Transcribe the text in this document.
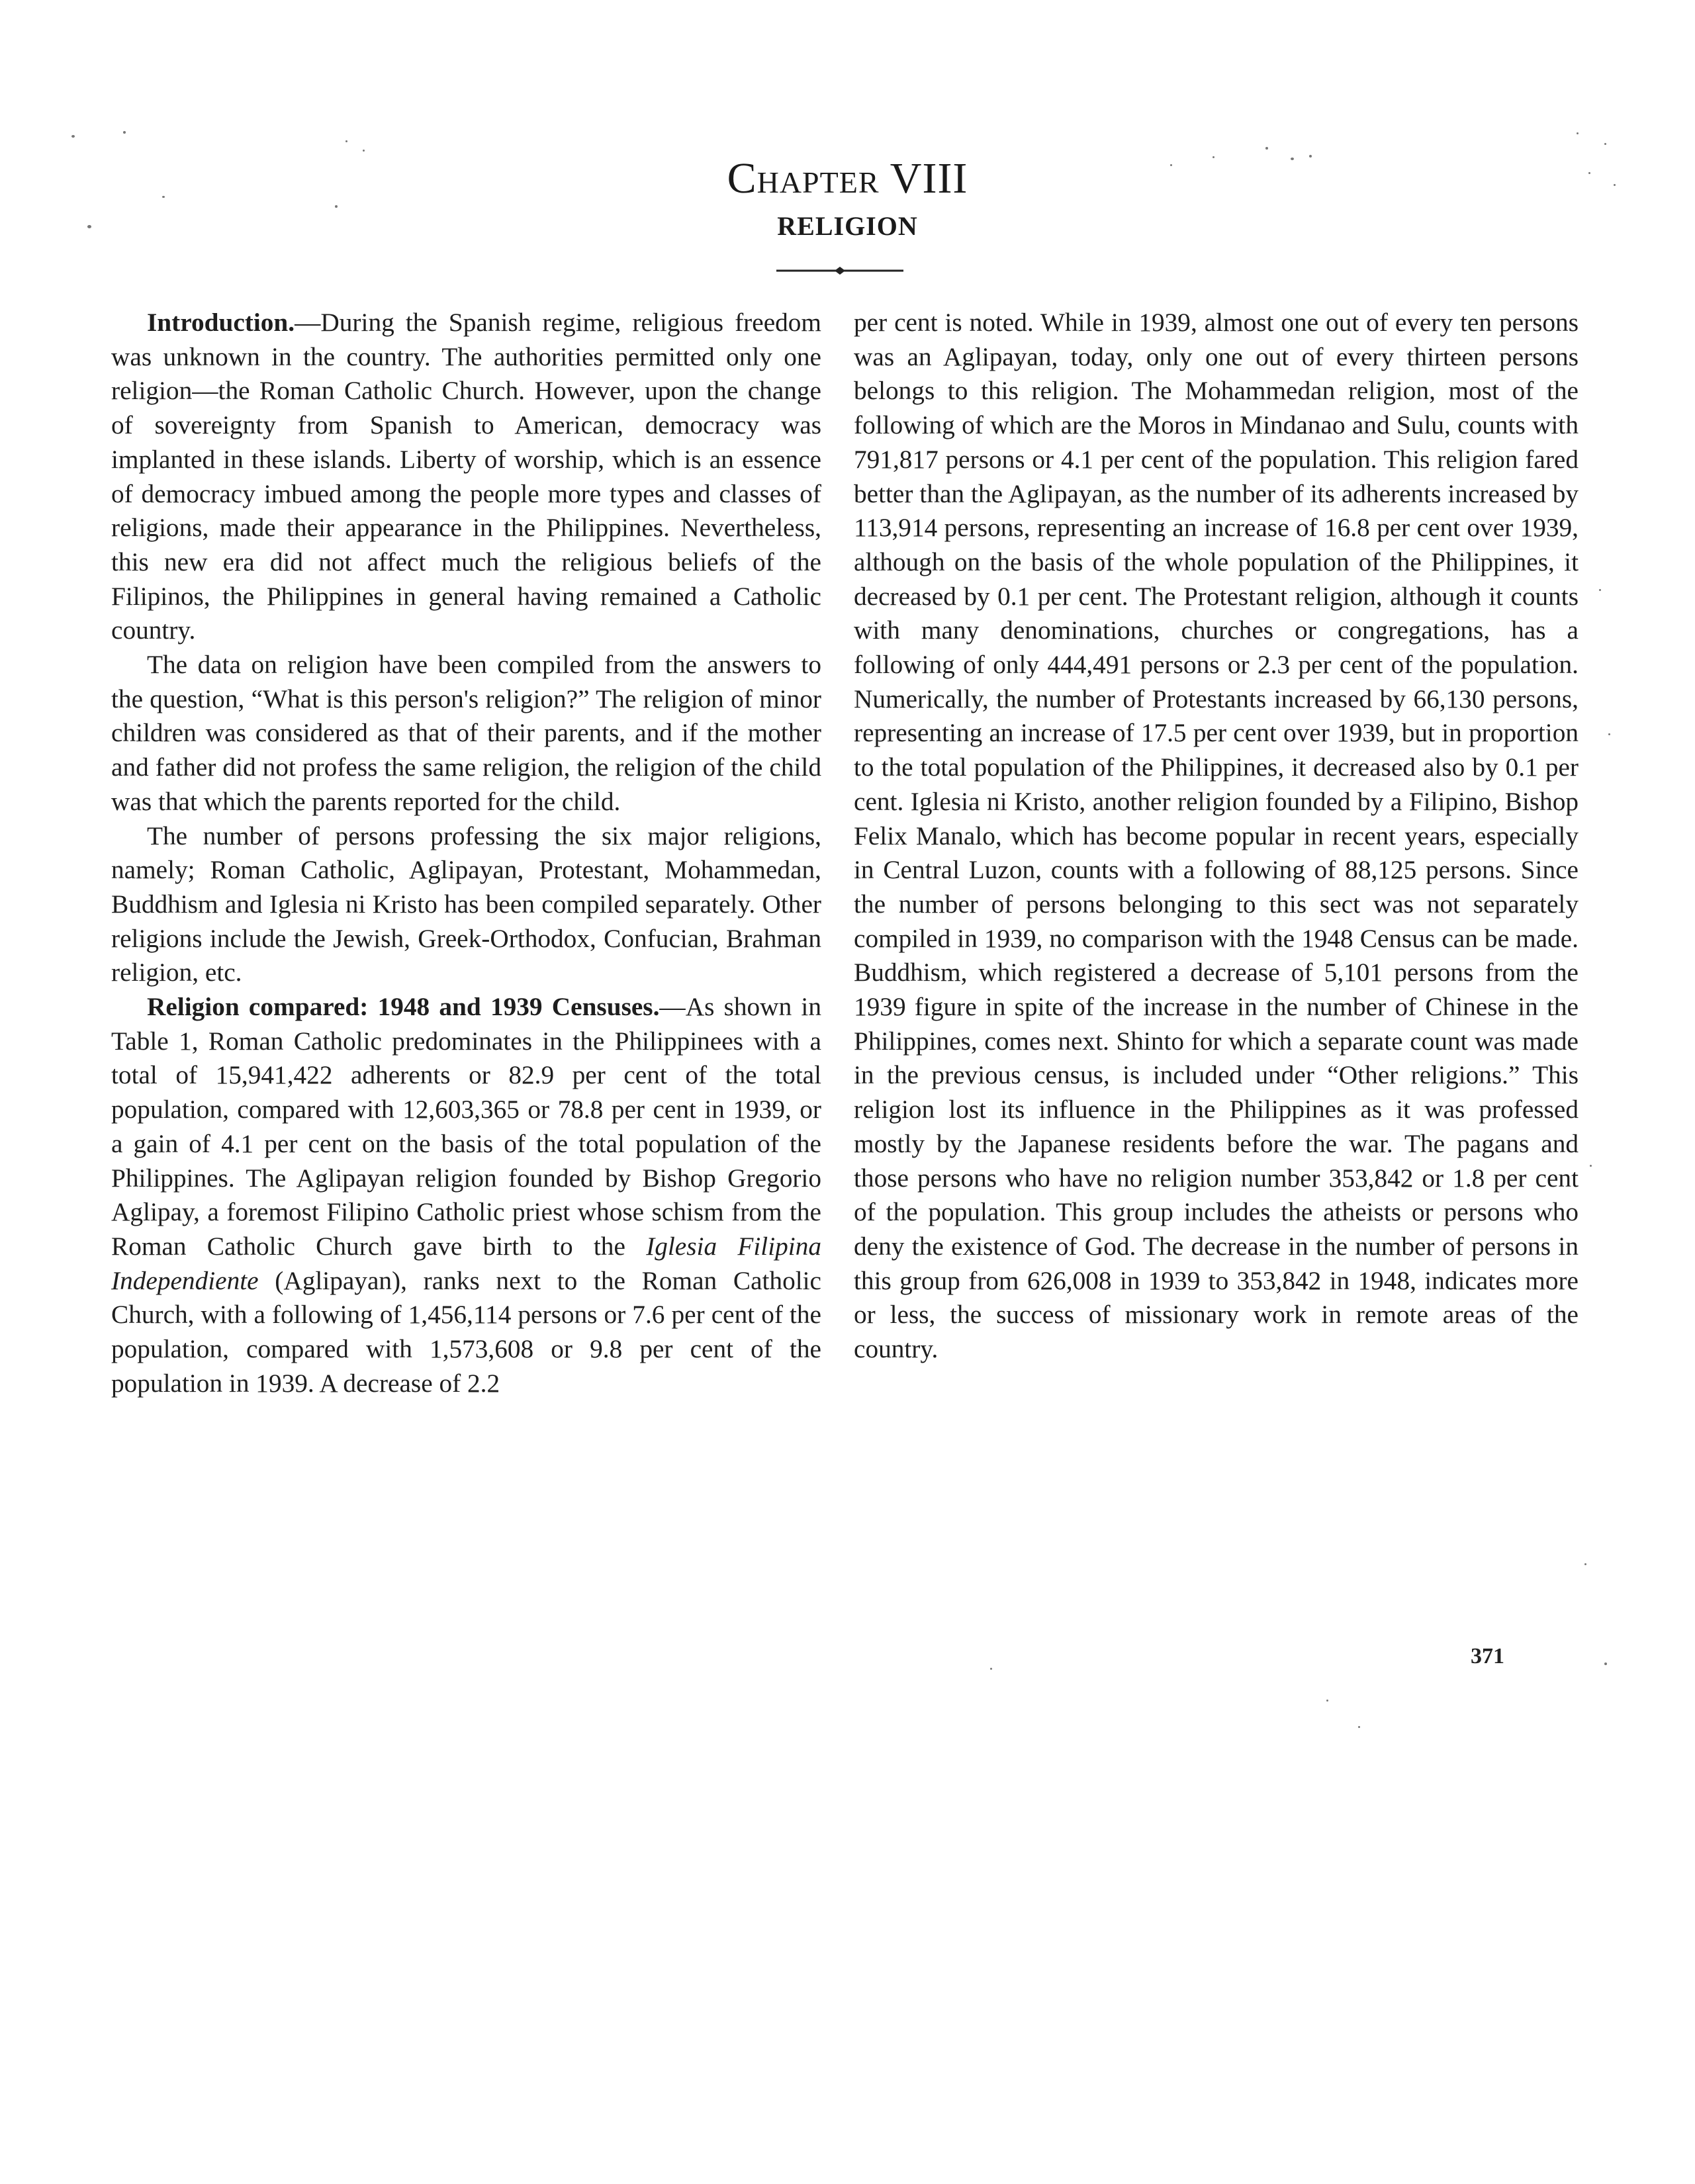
Chapter VIII
RELIGION

Introduction.—During the Spanish regime, religious freedom was unknown in the country. The authorities permitted only one religion—the Roman Catholic Church. However, upon the change of sovereignty from Spanish to American, democracy was implanted in these islands. Liberty of worship, which is an essence of democracy imbued among the people more types and classes of religions, made their appearance in the Philippines. Nevertheless, this new era did not affect much the religious beliefs of the Filipinos, the Philippines in general having remained a Catholic country.

The data on religion have been compiled from the answers to the question, “What is this person's religion?” The religion of minor children was considered as that of their parents, and if the mother and father did not profess the same religion, the religion of the child was that which the parents reported for the child.

The number of persons professing the six major religions, namely; Roman Catholic, Aglipayan, Protestant, Mohammedan, Buddhism and Iglesia ni Kristo has been compiled separately. Other religions include the Jewish, Greek-Orthodox, Confucian, Brahman religion, etc.

Religion compared: 1948 and 1939 Censuses.—As shown in Table 1, Roman Catholic predominates in the Philippinees with a total of 15,941,422 adherents or 82.9 per cent of the total population, compared with 12,603,365 or 78.8 per cent in 1939, or a gain of 4.1 per cent on the basis of the total population of the Philippines. The Aglipayan religion founded by Bishop Gregorio Aglipay, a foremost Filipino Catholic priest whose schism from the Roman Catholic Church gave birth to the Iglesia Filipina Independiente (Aglipayan), ranks next to the Roman Catholic Church, with a following of 1,456,114 persons or 7.6 per cent of the population, compared with 1,573,608 or 9.8 per cent of the population in 1939. A decrease of 2.2

per cent is noted. While in 1939, almost one out of every ten persons was an Aglipayan, today, only one out of every thirteen persons belongs to this religion. The Mohammedan religion, most of the following of which are the Moros in Mindanao and Sulu, counts with 791,817 persons or 4.1 per cent of the population. This religion fared better than the Aglipayan, as the number of its adherents increased by 113,914 persons, representing an increase of 16.8 per cent over 1939, although on the basis of the whole population of the Philippines, it decreased by 0.1 per cent. The Protestant religion, although it counts with many denominations, churches or congregations, has a following of only 444,491 persons or 2.3 per cent of the population. Numerically, the number of Protestants increased by 66,130 persons, representing an increase of 17.5 per cent over 1939, but in proportion to the total population of the Philippines, it decreased also by 0.1 per cent. Iglesia ni Kristo, another religion founded by a Filipino, Bishop Felix Manalo, which has become popular in recent years, especially in Central Luzon, counts with a following of 88,125 persons. Since the number of persons belonging to this sect was not separately compiled in 1939, no comparison with the 1948 Census can be made. Buddhism, which registered a decrease of 5,101 persons from the 1939 figure in spite of the increase in the number of Chinese in the Philippines, comes next. Shinto for which a separate count was made in the previous census, is included under “Other religions.” This religion lost its influence in the Philippines as it was professed mostly by the Japanese residents before the war. The pagans and those persons who have no religion number 353,842 or 1.8 per cent of the population. This group includes the atheists or persons who deny the existence of God. The decrease in the number of persons in this group from 626,008 in 1939 to 353,842 in 1948, indicates more or less, the success of missionary work in remote areas of the country.

371
